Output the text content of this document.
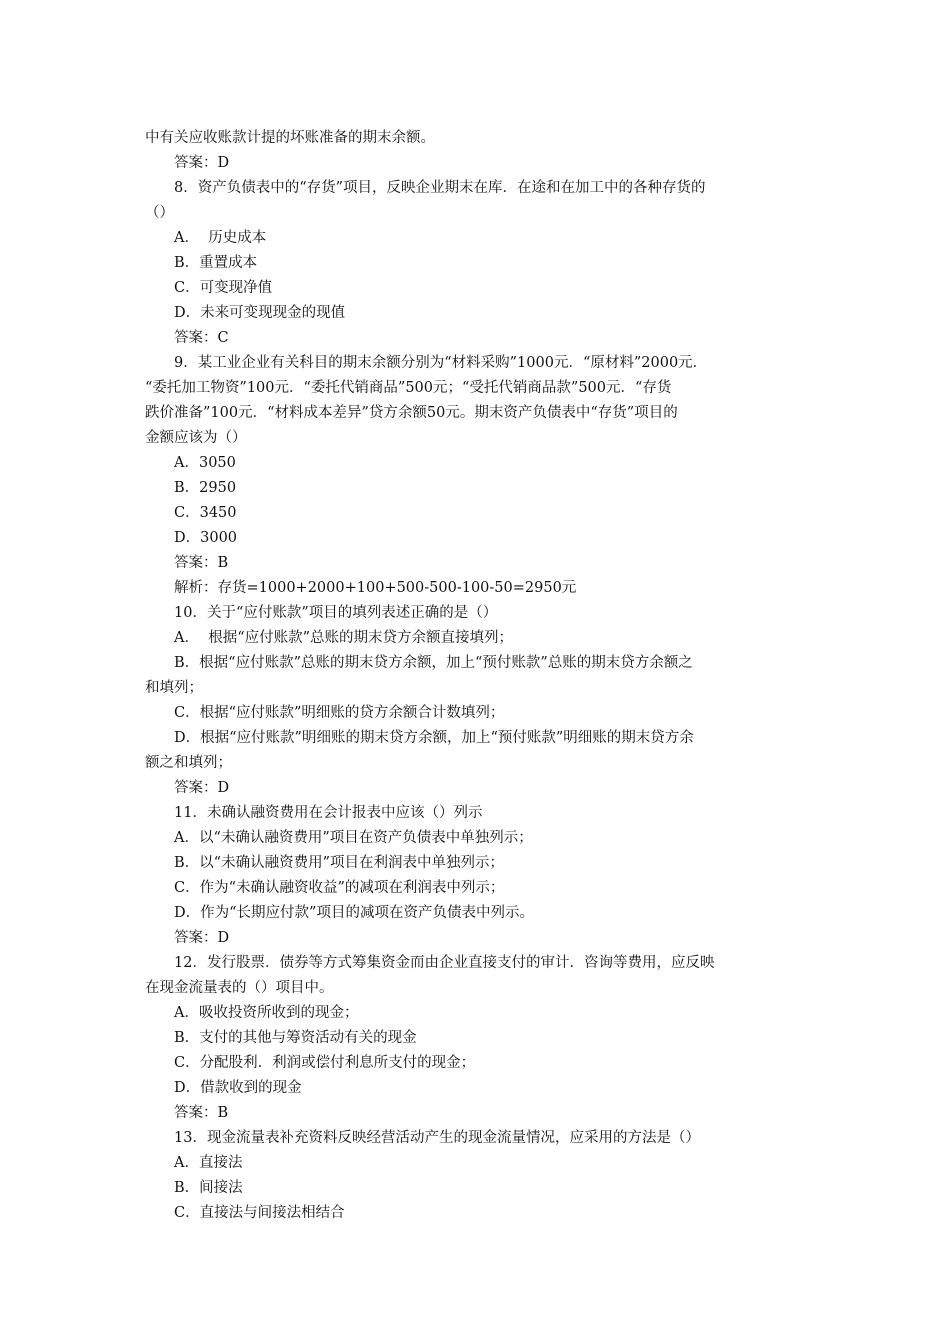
中有关应收账款计提的坏账准备的期末余额。
答案：D
8．资产负债表中的“存货”项目，反映企业期末在库．在途和在加工中的各种存货的
（）
A．  历史成本
B．重置成本
C．可变现净值
D．未来可变现现金的现值
答案：C
9．某工业企业有关科目的期末余额分别为“材料采购”1000元．“原材料”2000元．
“委托加工物资”100元．“委托代销商品”500元；“受托代销商品款”500元．“存货
跌价准备”100元．“材料成本差异”贷方余额50元。期末资产负债表中“存货”项目的
金额应该为（）
A．3050
B．2950
C．3450
D．3000
答案：B
解析：存货=1000+2000+100+500-500-100-50=2950元
10．关于“应付账款”项目的填列表述正确的是（）
A．  根据“应付账款”总账的期末贷方余额直接填列；
B．根据“应付账款”总账的期末贷方余额，加上“预付账款”总账的期末贷方余额之
和填列；
C．根据“应付账款”明细账的贷方余额合计数填列；
D．根据“应付账款”明细账的期末贷方余额，加上“预付账款”明细账的期末贷方余
额之和填列；
答案：D
11．未确认融资费用在会计报表中应该（）列示
A．以“未确认融资费用”项目在资产负债表中单独列示；
B．以“未确认融资费用”项目在利润表中单独列示；
C．作为“未确认融资收益”的减项在利润表中列示；
D．作为“长期应付款”项目的减项在资产负债表中列示。
答案：D
12．发行股票．债券等方式筹集资金而由企业直接支付的审计．咨询等费用，应反映
在现金流量表的（）项目中。
A．吸收投资所收到的现金；
B．支付的其他与筹资活动有关的现金
C．分配股利．利润或偿付利息所支付的现金；
D．借款收到的现金
答案：B
13．现金流量表补充资料反映经营活动产生的现金流量情况，应采用的方法是（）
A．直接法
B．间接法
C．直接法与间接法相结合
